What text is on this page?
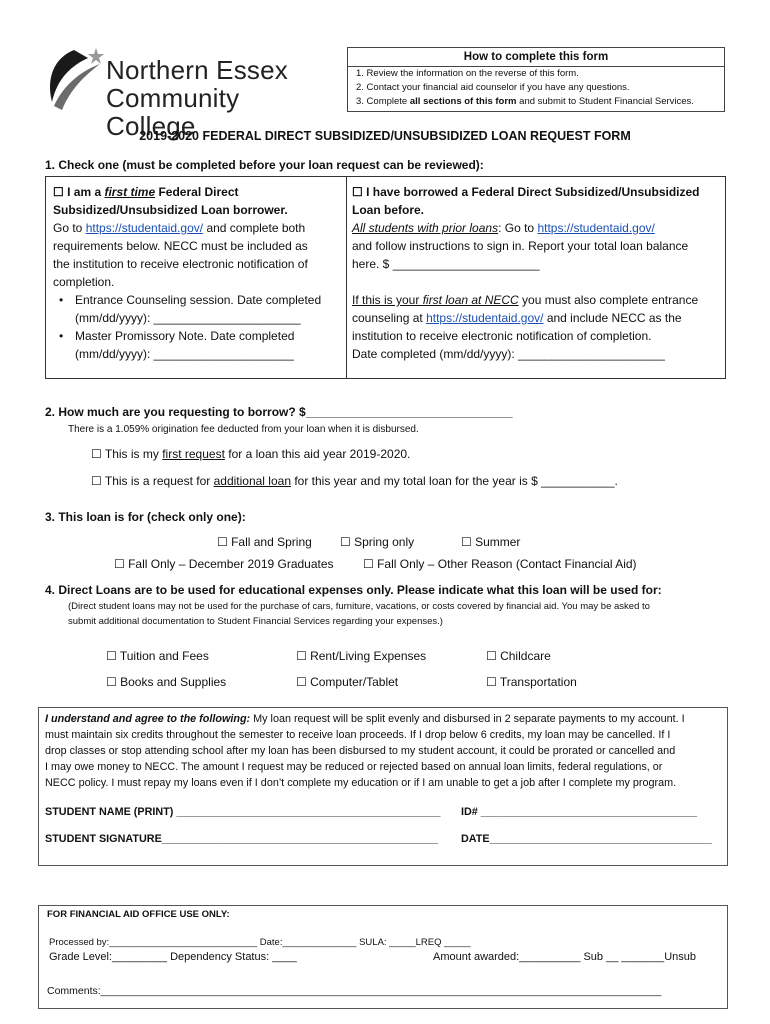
Northern Essex
Community College
How to complete this form
1. Review the information on the reverse of this form.
2. Contact your financial aid counselor if you have any questions.
3. Complete all sections of this form and submit to Student Financial Services.
2019-2020 FEDERAL DIRECT SUBSIDIZED/UNSUBSIDIZED LOAN REQUEST FORM
1. Check one (must be completed before your loan request can be reviewed):
☐ I am a first time Federal Direct
Subsidized/Unsubsidized Loan borrower.
Go to https://studentaid.gov/ and complete both
requirements below. NECC must be included as
the institution to receive electronic notification of
completion.
• Entrance Counseling session. Date completed
(mm/dd/yyyy): ______________________
• Master Promissory Note. Date completed
(mm/dd/yyyy): _____________________
☐ I have borrowed a Federal Direct Subsidized/Unsubsidized
Loan before.
All students with prior loans: Go to https://studentaid.gov/
and follow instructions to sign in. Report your total loan balance
here. $ ______________________
If this is your first loan at NECC you must also complete entrance
counseling at https://studentaid.gov/ and include NECC as the
institution to receive electronic notification of completion.
Date completed (mm/dd/yyyy): ______________________
2. How much are you requesting to borrow? $_______________________________
There is a 1.059% origination fee deducted from your loan when it is disbursed.
☐ This is my first request for a loan this aid year 2019-2020.
☐ This is a request for additional loan for this year and my total loan for the year is $ ___________.
3. This loan is for (check only one):
☐ Fall and Spring ☐ Spring only	☐ Summer
☐ Fall Only – December 2019 Graduates ☐ Fall Only – Other Reason (Contact Financial Aid)
4. Direct Loans are to be used for educational expenses only. Please indicate what this loan will be used for:
(Direct student loans may not be used for the purchase of cars, furniture, vacations, or costs covered by financial aid. You may be asked to
submit additional documentation to Student Financial Services regarding your expenses.)
☐ Tuition and Fees	☐ Rent/Living Expenses	☐ Childcare
☐ Books and Supplies	☐ Computer/Tablet	☐ Transportation
I understand and agree to the following: My loan request will be split evenly and disbursed in 2 separate payments to my account. I
must maintain six credits throughout the semester to receive loan proceeds. If I drop below 6 credits, my loan may be cancelled. If I
drop classes or stop attending school after my loan has been disbursed to my student account, it could be prorated or cancelled and
I may owe money to NECC. The amount I request may be reduced or rejected based on annual loan limits, federal regulations, or
NECC policy. I must repay my loans even if I don’t complete my education or if I am unable to get a job after I complete my program.
STUDENT NAME (PRINT) ____________________________________________ ID# ____________________________________
STUDENT SIGNATURE______________________________________________ DATE_____________________________________
FOR FINANCIAL AID OFFICE USE ONLY:
Processed by:____________________________ Date:______________ SULA: _____LREQ _____
Grade Level:_________ Dependency Status: ____	Amount awarded:__________ Sub __ _______Unsub
Comments:________________________________________________________________________________________________
